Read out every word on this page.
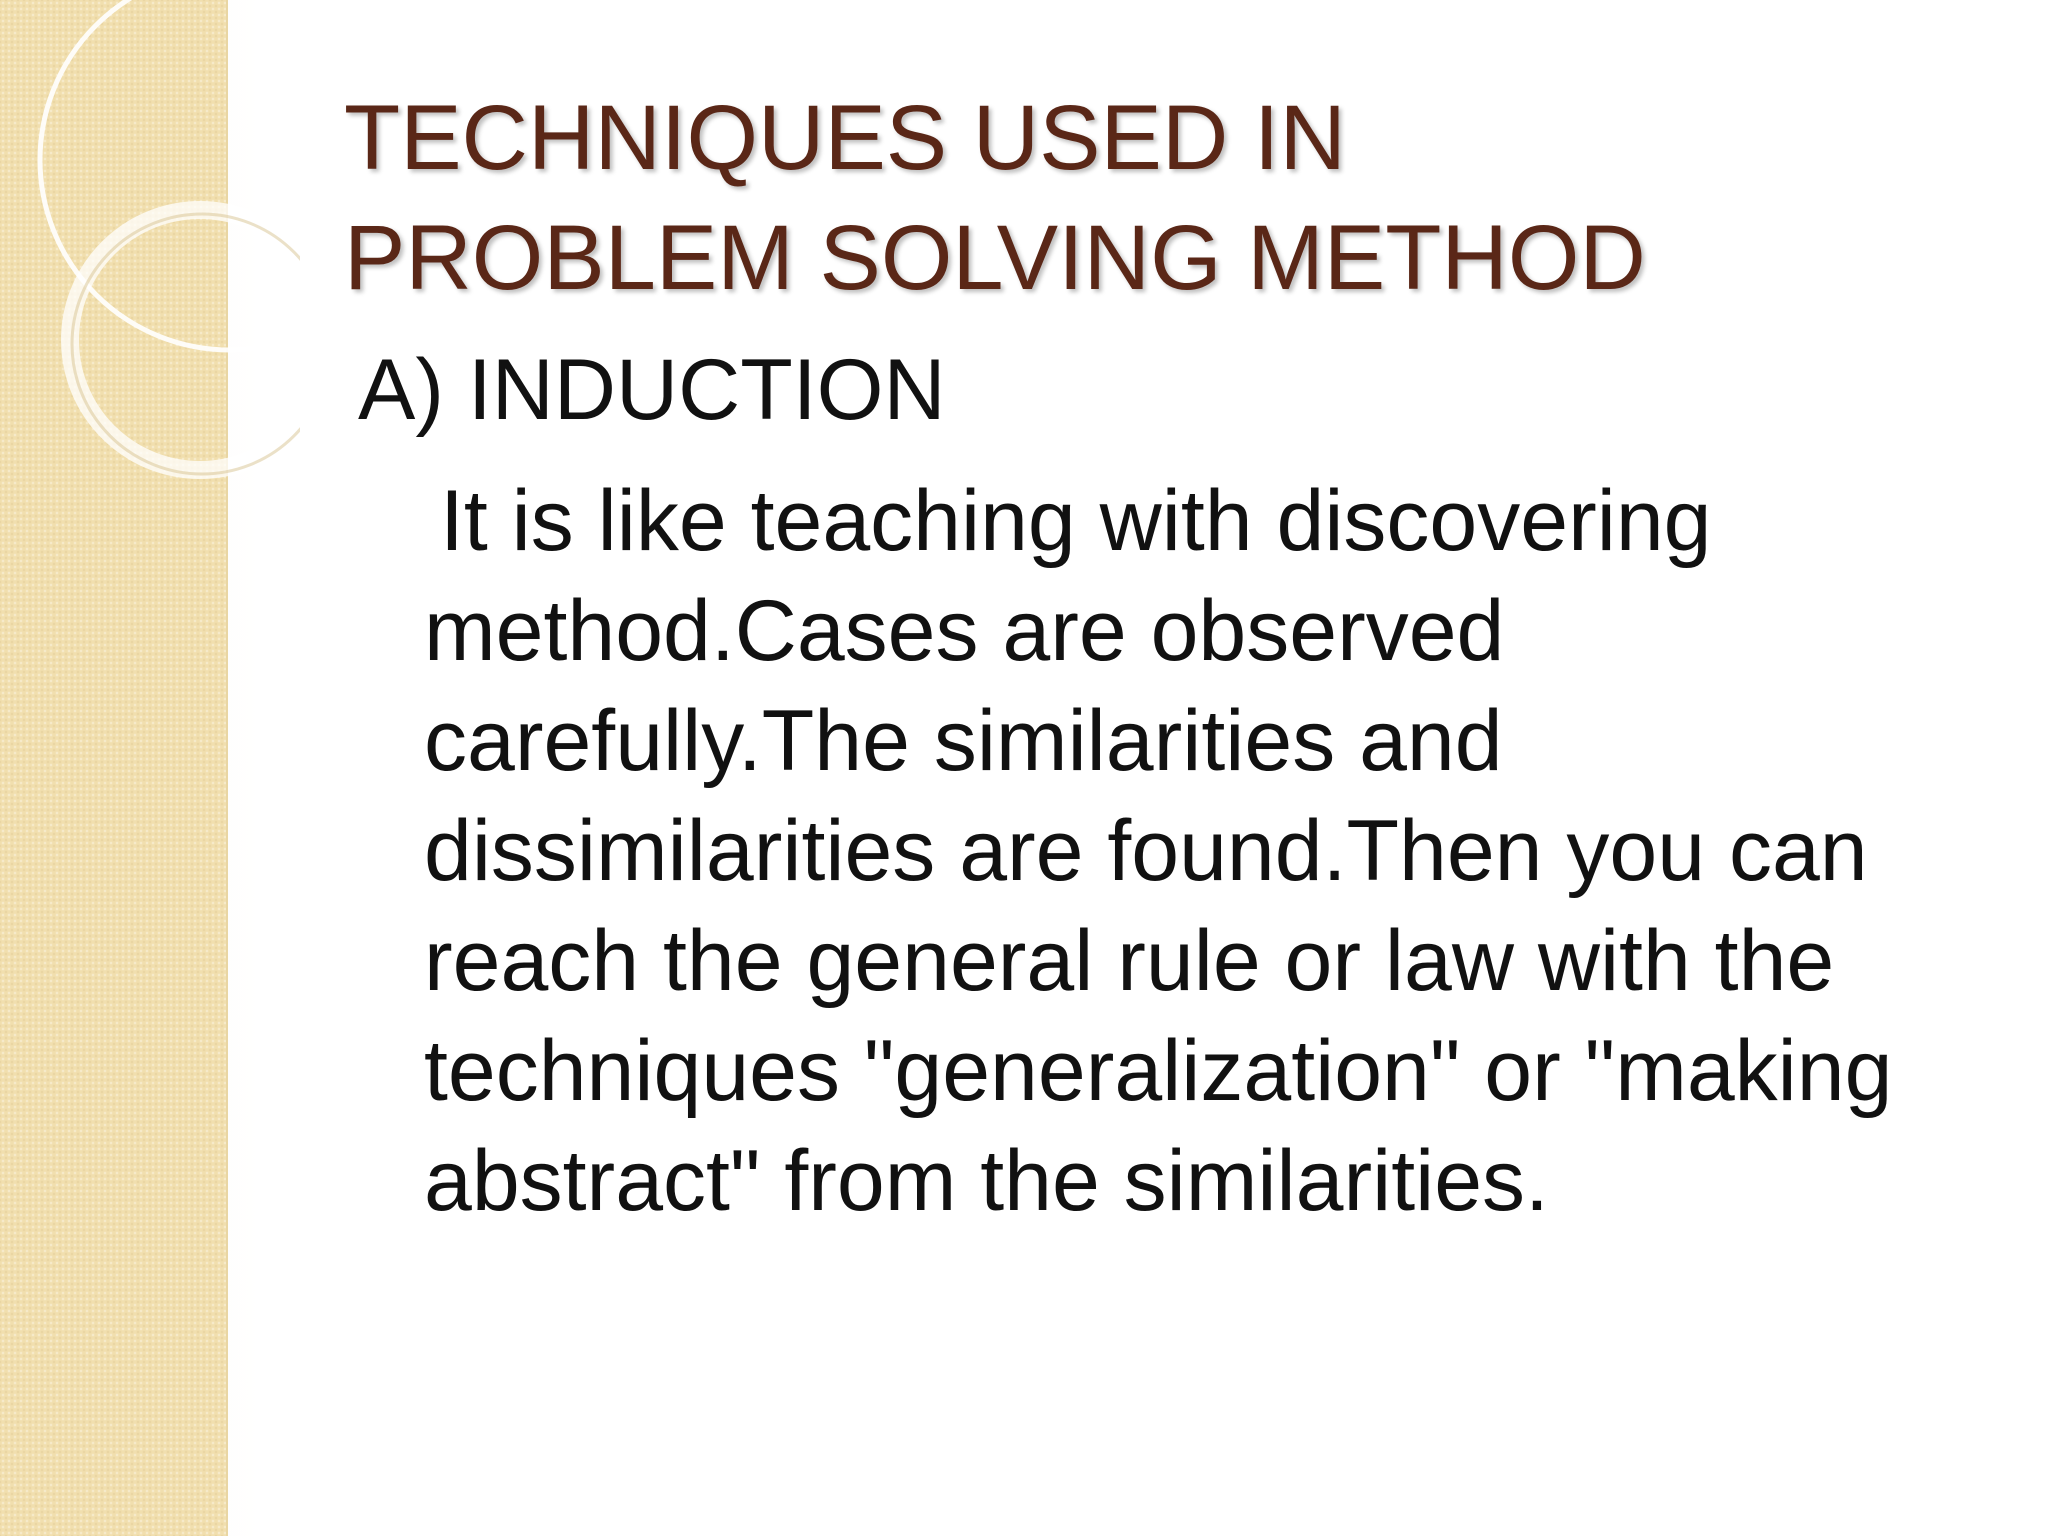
TECHNIQUES USED IN
PROBLEM SOLVING METHOD
A) INDUCTION

It is like teaching with discovering method.Cases are observed carefully.The similarities and dissimilarities are found.Then you can reach the general rule or law with the techniques "generalization" or "making abstract" from the similarities.
